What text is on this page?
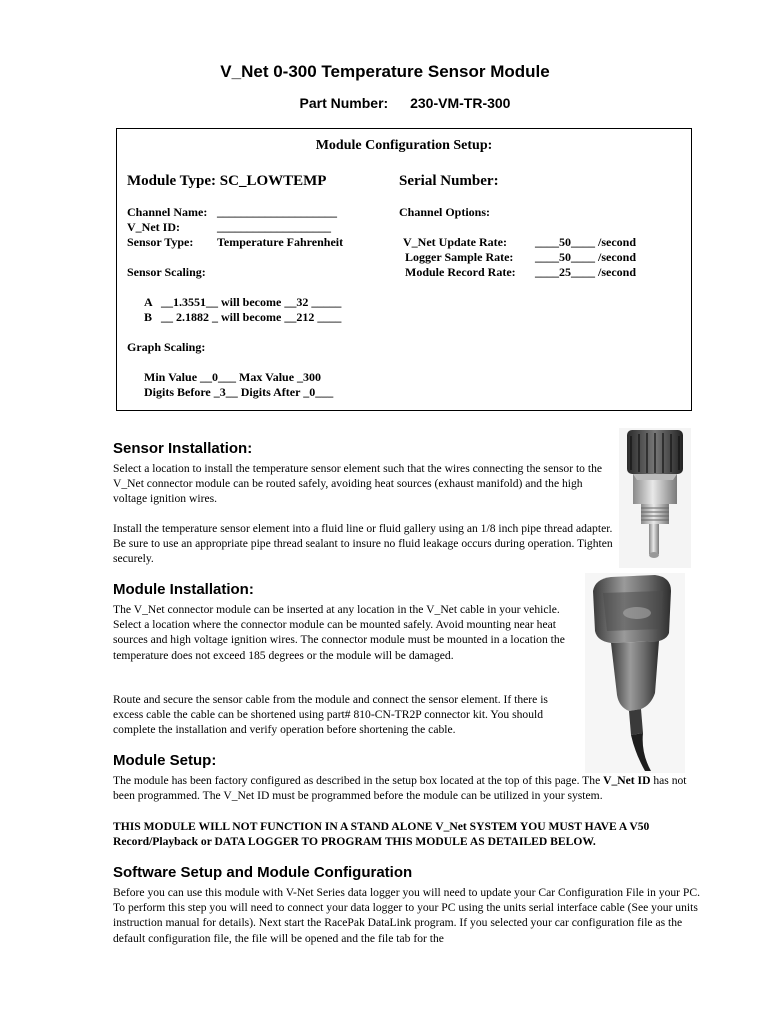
V_Net 0-300 Temperature Sensor Module
Part Number: 230-VM-TR-300
Module Configuration Setup:
Module Type: SC_LOWTEMP	Serial Number:
Channel Name: ____________________
V_Net ID:	___________________
Sensor Type: Temperature Fahrenheit
Channel Options:
V_Net Update Rate: ____50____ /second
Logger Sample Rate: ____50____ /second
Module Record Rate: ____25____ /second
Sensor Scaling:
A   __1.3551__ will become __32 _____
B   __ 2.1882 _ will become __212 ____
Graph Scaling:
Min Value __0___ Max Value _300
Digits Before _3__ Digits After _0___
Sensor Installation:

Select a location to install the temperature sensor element such that the wires connecting the sensor to the V_Net connector module can be routed safely, avoiding heat sources (exhaust manifold) and the high voltage ignition wires.

Install the temperature sensor element into a fluid line or fluid gallery using an 1/8 inch pipe thread adapter. Be sure to use an appropriate pipe thread sealant to insure no fluid leakage occurs during operation. Tighten securely.

Module Installation:

The V_Net connector module can be inserted at any location in the V_Net cable in your vehicle. Select a location where the connector module can be mounted safely. Avoid mounting near heat sources and high voltage ignition wires. The connector module must be mounted in a location the temperature does not exceed 185 degrees or the module will be damaged.

Route and secure the sensor cable from the module and connect the sensor element. If there is excess cable the cable can be shortened using part# 810-CN-TR2P connector kit. You should complete the installation and verify operation before shortening the cable.

Module Setup:

The module has been factory configured as described in the setup box located at the top of this page. The V_Net ID has not been programmed. The V_Net ID must be programmed before the module can be utilized in your system.

THIS MODULE WILL NOT FUNCTION IN A STAND ALONE V_Net SYSTEM YOU MUST HAVE A V50 Record/Playback or DATA LOGGER TO PROGRAM THIS MODULE AS DETAILED BELOW.

Software Setup and Module Configuration

Before you can use this module with V-Net Series data logger you will need to update your Car Configuration File in your PC. To perform this step you will need to connect your data logger to your PC using the units serial interface cable (See your units instruction manual for details). Next start the RacePak DataLink program. If you selected your car configuration file as the default configuration file, the file will be opened and the file tab for the
